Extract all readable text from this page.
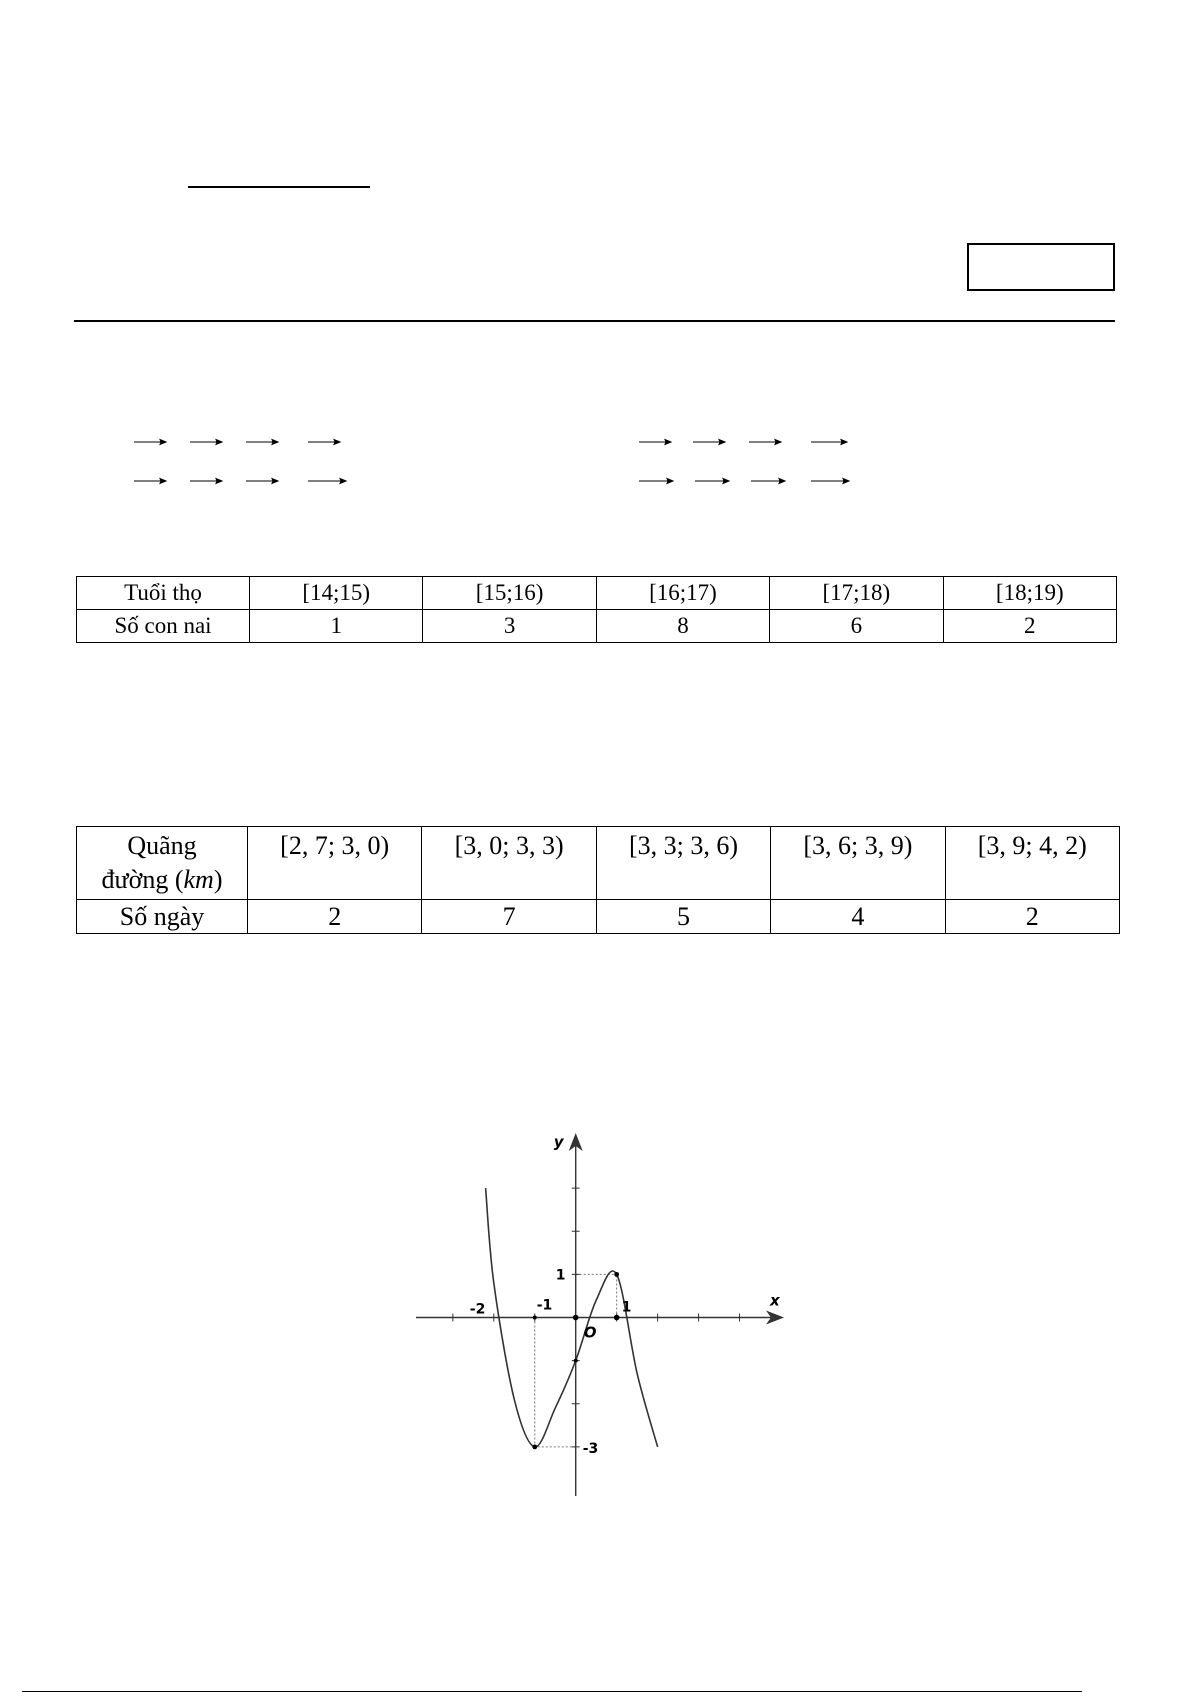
Tuổi thọ	[14;15)	[15;16)	[16;17)	[17;18)	[18;19)
Số con nai	1	3	8	6	2
Quãng
đường (km)	[2, 7; 3, 0)	[3, 0; 3, 3)	[3, 3; 3, 6)	[3, 6; 3, 9)	[3, 9; 4, 2)
Số ngày	2	7	5	4	2
x
y
O
-2	-1	1
1
-3
